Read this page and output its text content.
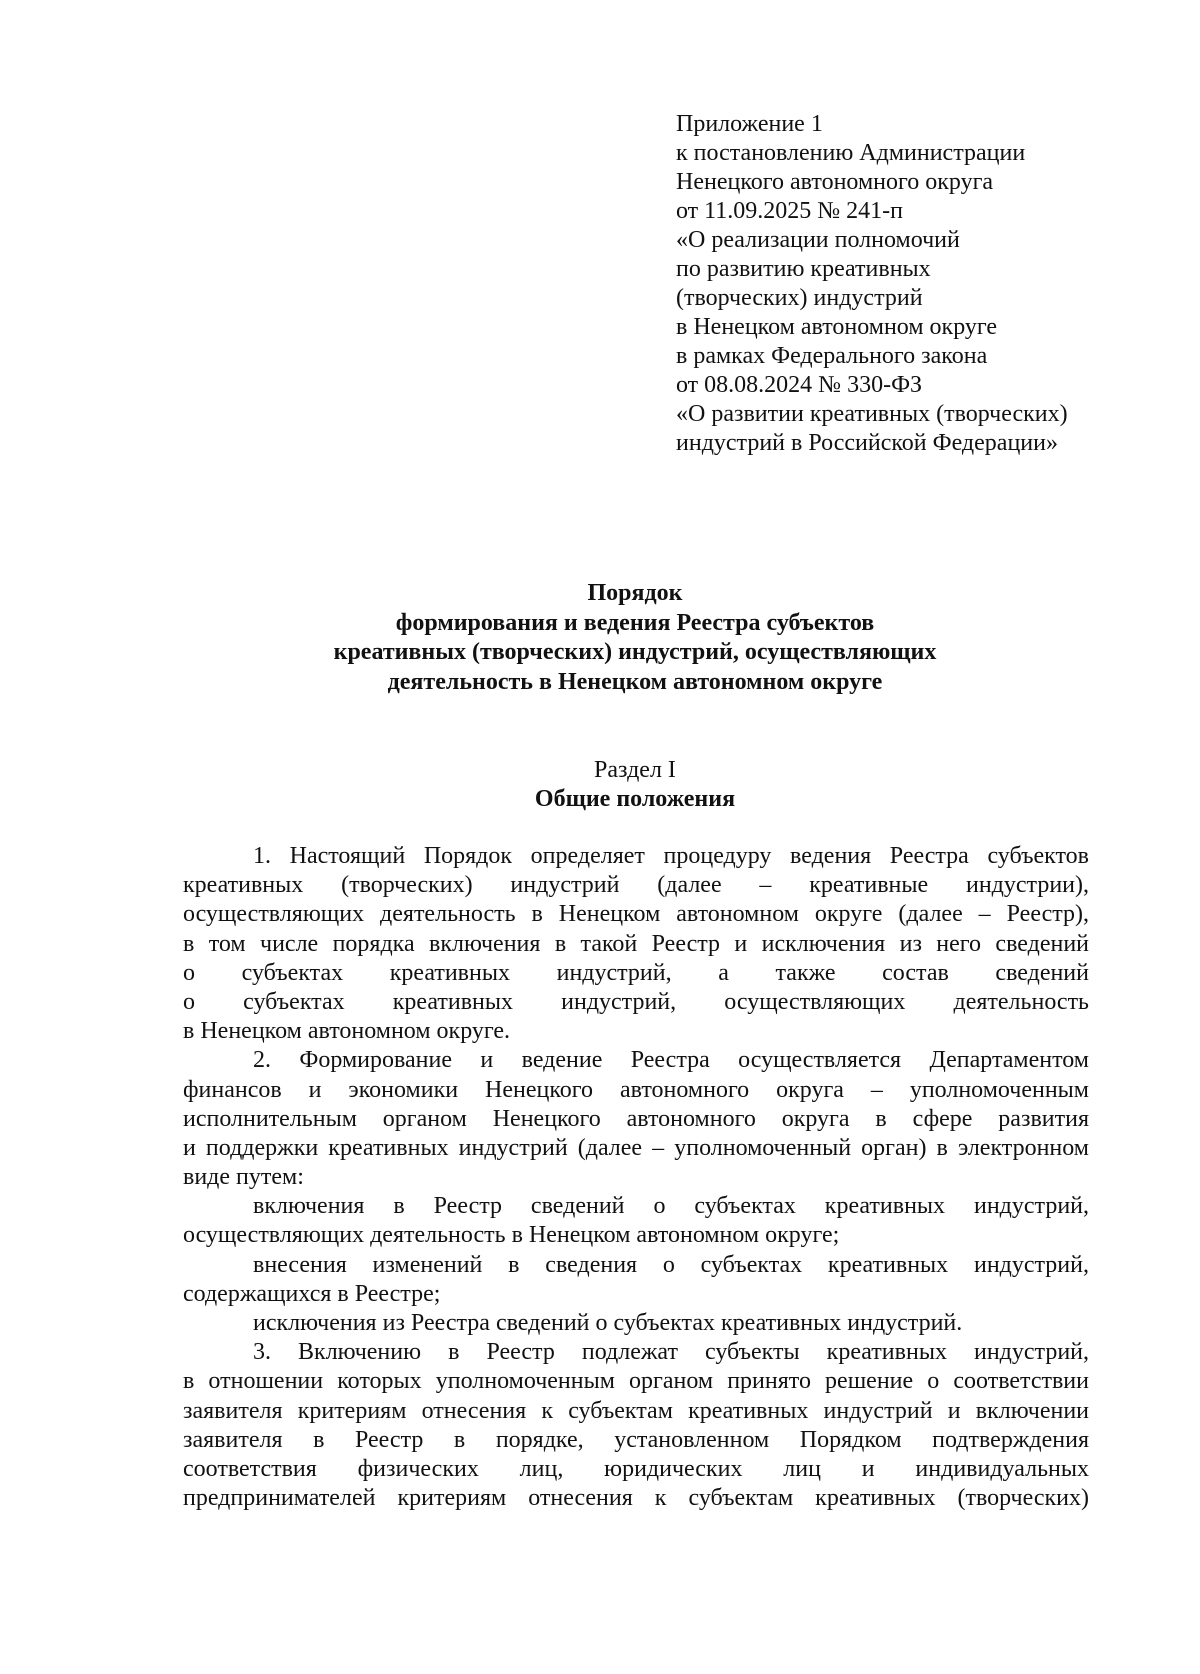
Приложение 1
к постановлению Администрации
Ненецкого автономного округа
от 11.09.2025 № 241-п
«О реализации полномочий
по развитию креативных
(творческих) индустрий
в Ненецком автономном округе
в рамках Федерального закона
от 08.08.2024 № 330-ФЗ
«О развитии креативных (творческих)
индустрий в Российской Федерации»
Порядок
формирования и ведения Реестра субъектов
креативных (творческих) индустрий, осуществляющих
деятельность в Ненецком автономном округе
Раздел I
Общие положения
1. Настоящий Порядок определяет процедуру ведения Реестра субъектов
креативных (творческих) индустрий (далее – креативные индустрии),
осуществляющих деятельность в Ненецком автономном округе (далее – Реестр),
в том числе порядка включения в такой Реестр и исключения из него сведений
о субъектах креативных индустрий, а также состав сведений
о субъектах креативных индустрий, осуществляющих деятельность
в Ненецком автономном округе.
2. Формирование и ведение Реестра осуществляется Департаментом
финансов и экономики Ненецкого автономного округа – уполномоченным
исполнительным органом Ненецкого автономного округа в сфере развития
и поддержки креативных индустрий (далее – уполномоченный орган) в электронном
виде путем:
включения в Реестр сведений о субъектах креативных индустрий,
осуществляющих деятельность в Ненецком автономном округе;
внесения изменений в сведения о субъектах креативных индустрий,
содержащихся в Реестре;
исключения из Реестра сведений о субъектах креативных индустрий.
3. Включению в Реестр подлежат субъекты креативных индустрий,
в отношении которых уполномоченным органом принято решение о соответствии
заявителя критериям отнесения к субъектам креативных индустрий и включении
заявителя в Реестр в порядке, установленном Порядком подтверждения
соответствия физических лиц, юридических лиц и индивидуальных
предпринимателей критериям отнесения к субъектам креативных (творческих)
